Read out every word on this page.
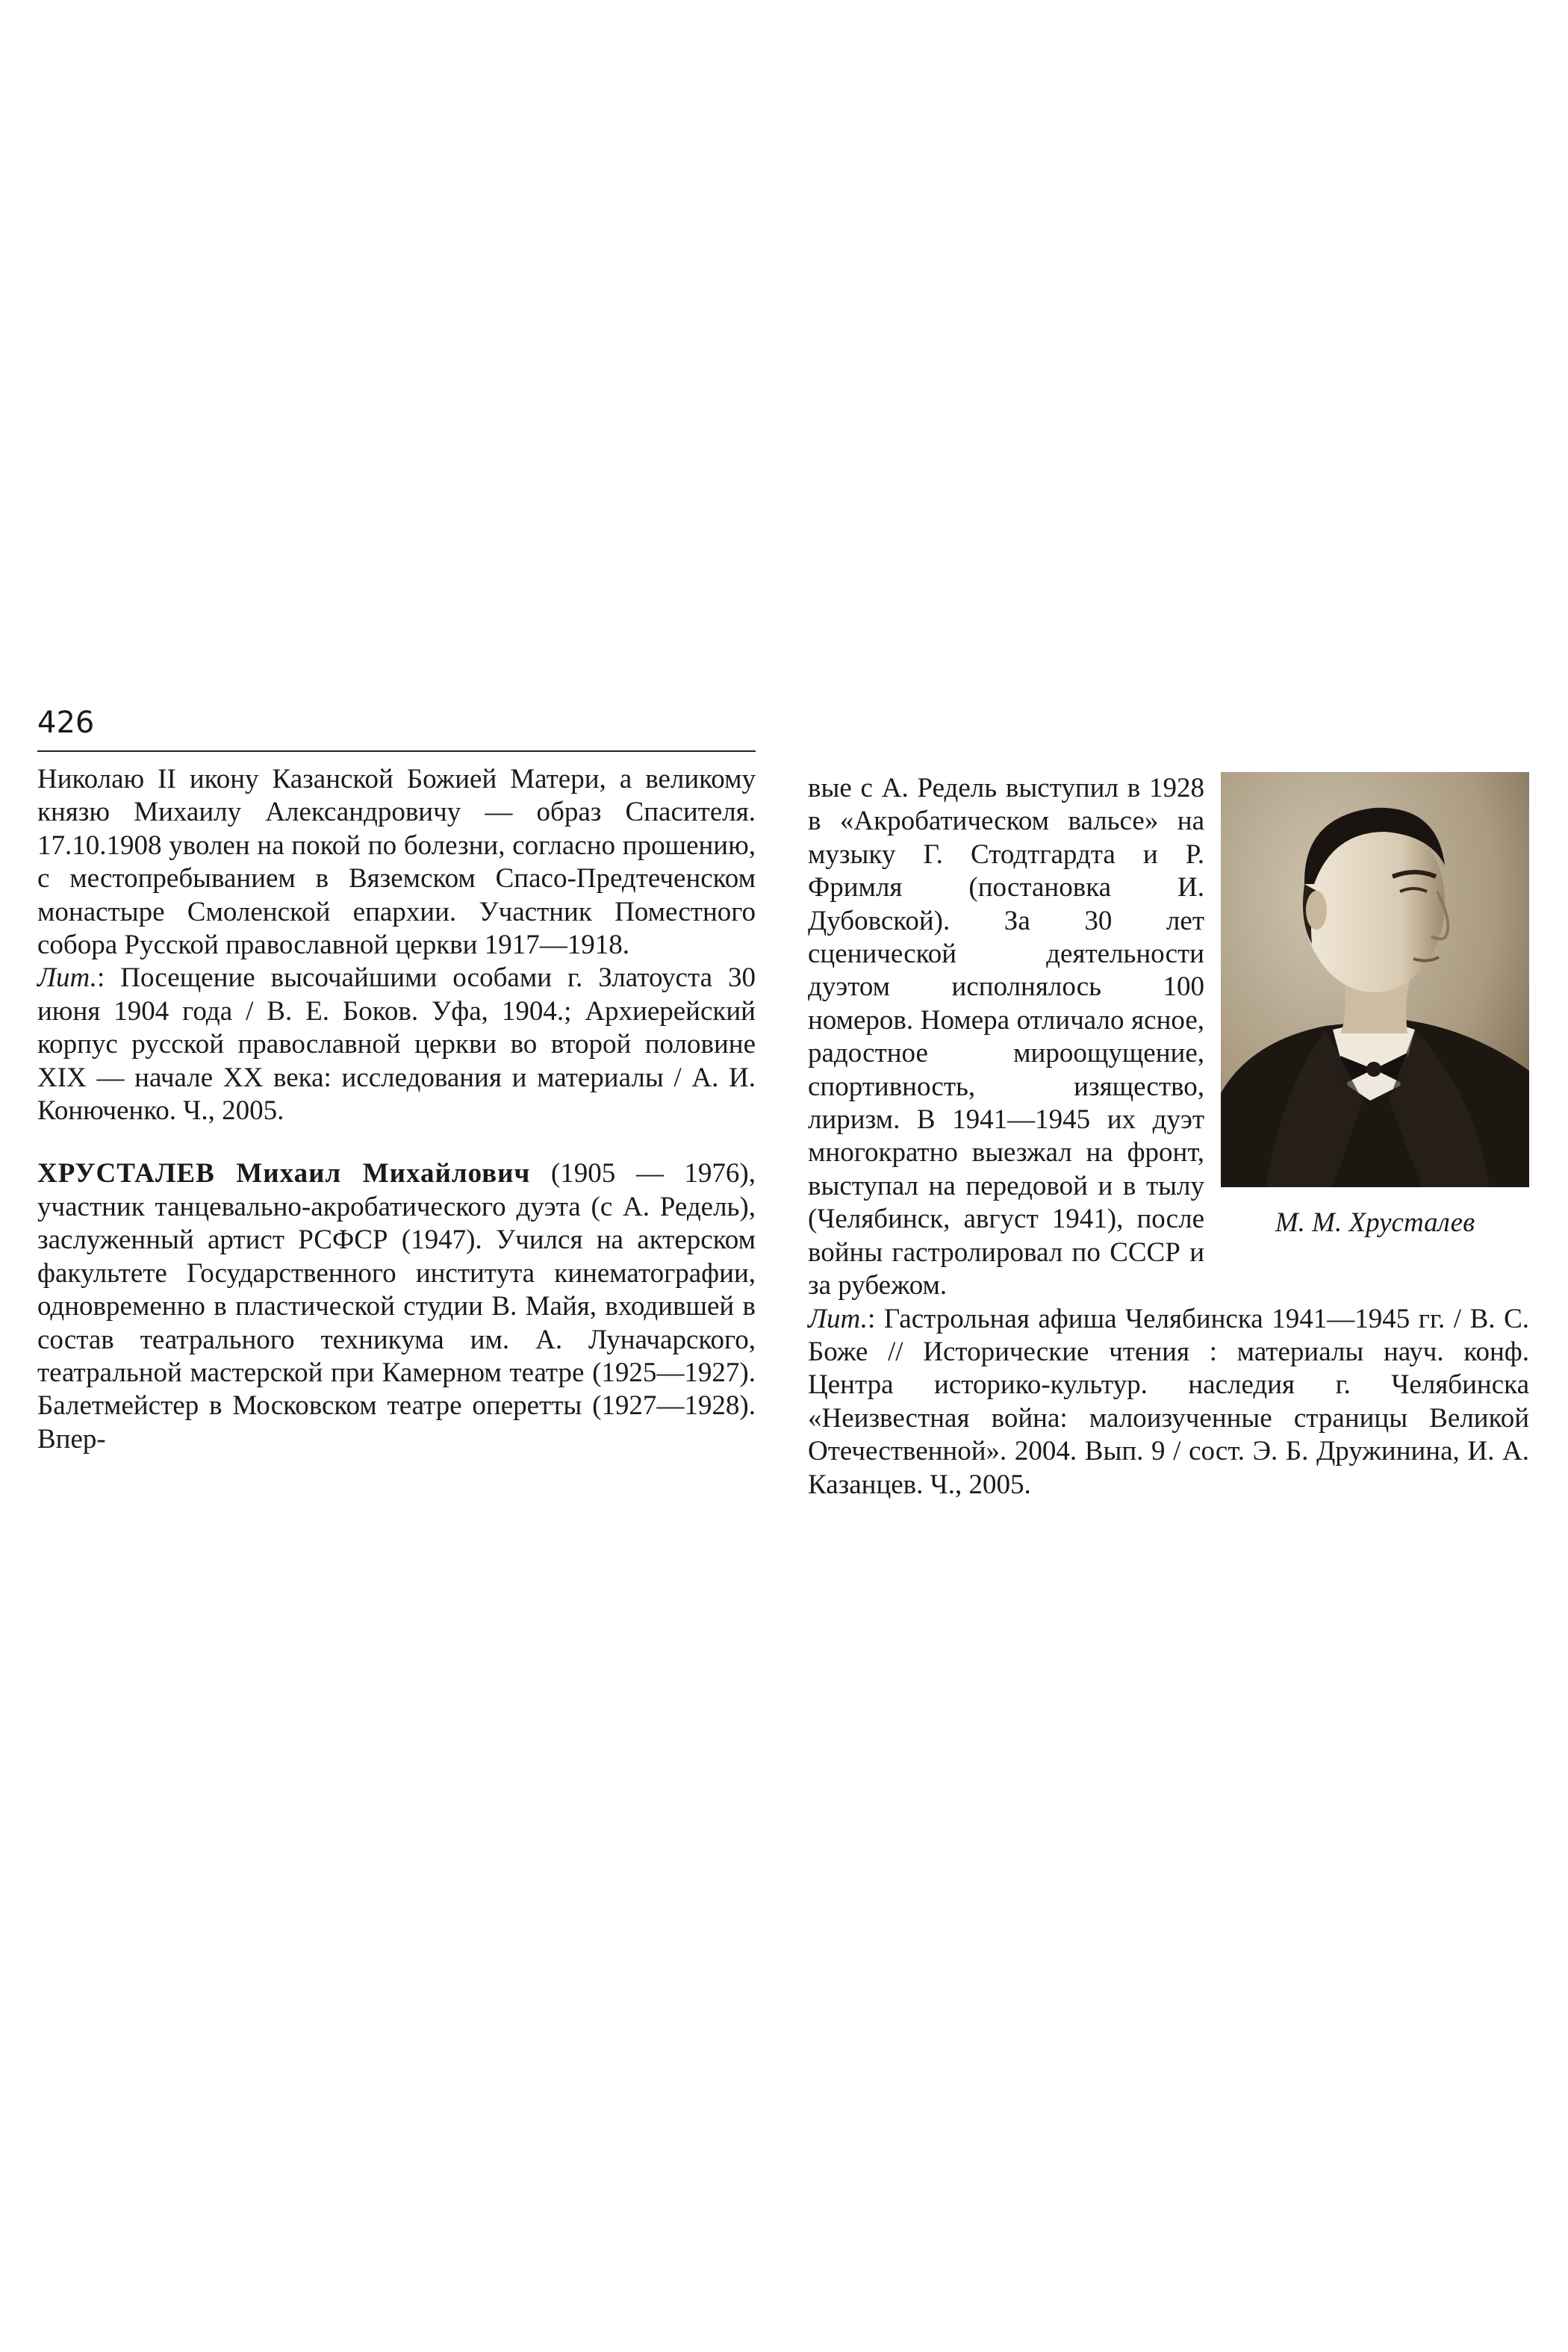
426

Николаю II икону Казанской Божией Матери, а великому князю Михаилу Александровичу — образ Спасителя. 17.10.1908 уволен на покой по болезни, согласно прошению, с местопребыванием в Вяземском Спасо-Предтеченском монастыре Смоленской епархии. Участник Поместного собора Русской православной церкви 1917—1918.

Лит.: Посещение высочайшими особами г. Златоуста 30 июня 1904 года / В. Е. Боков. Уфа, 1904.; Архиерейский корпус русской православной церкви во второй половине XIX — начале XX века: исследования и материалы / А. И. Конюченко. Ч., 2005.

ХРУСТАЛЕВ Михаил Михайлович (1905 — 1976), участник танцевально-акробатического дуэта (с А. Редель), заслуженный артист РСФСР (1947). Учился на актерском факультете Государственного института кинематографии, одновременно в пластической студии В. Майя, входившей в состав театрального техникума им. А. Луначарского, театральной мастерской при Камерном театре (1925—1927). Балетмейстер в Московском театре оперетты (1927—1928). Впер-

М. М. Хрусталев

вые с А. Редель выступил в 1928 в «Акробатическом вальсе» на музыку Г. Стодтгардта и Р. Фримля (постановка И. Дубовской). За 30 лет сценической деятельности дуэтом исполнялось 100 номеров. Номера отличало ясное, радостное мироощущение, спортивность, изящество, лиризм. В 1941—1945 их дуэт многократно выезжал на фронт, выступал на передовой и в тылу (Челябинск, август 1941), после войны гастролировал по СССР и за рубежом.

Лит.: Гастрольная афиша Челябинска 1941—1945 гг. / В. С. Боже // Исторические чтения : материалы науч. конф. Центра историко-культур. наследия г. Челябинска «Неизвестная война: малоизученные страницы Великой Отечественной». 2004. Вып. 9 / сост. Э. Б. Дружинина, И. А. Казанцев. Ч., 2005.
